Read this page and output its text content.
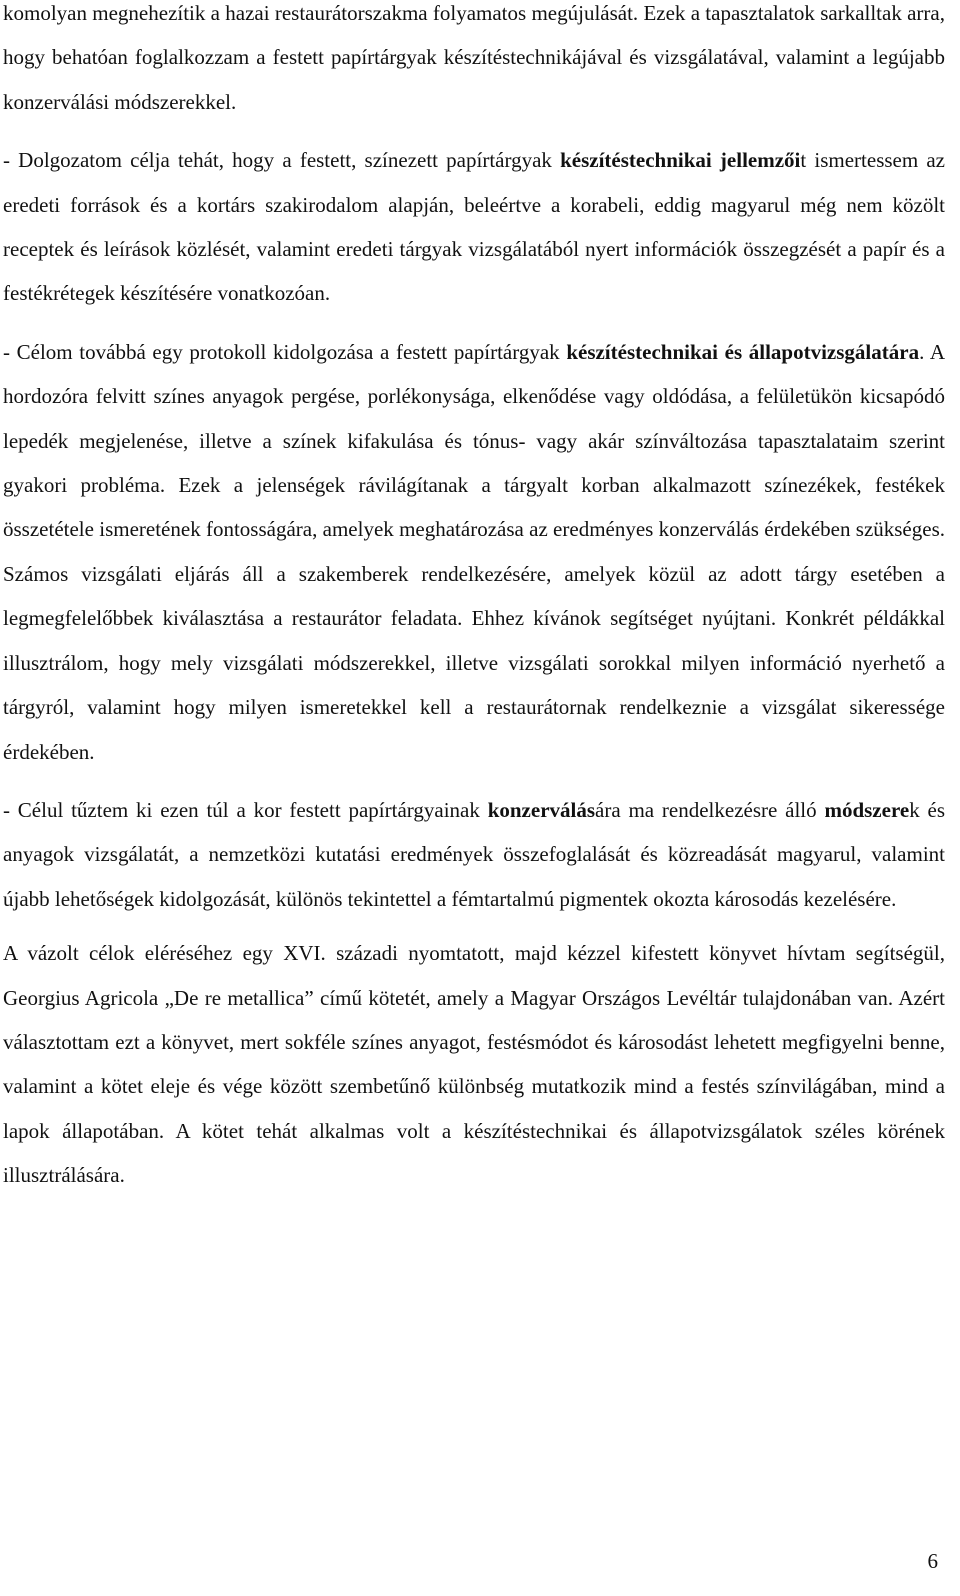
komolyan megnehezítik a hazai restaurátorszakma folyamatos megújulását. Ezek a tapasztalatok sarkalltak arra, hogy behatóan foglalkozzam a festett papírtárgyak készítéstechnikájával és vizsgálatával, valamint a legújabb konzerválási módszerekkel.

- Dolgozatom célja tehát, hogy a festett, színezett papírtárgyak készítéstechnikai jellemzőit ismertessem az eredeti források és a kortárs szakirodalom alapján, beleértve a korabeli, eddig magyarul még nem közölt receptek és leírások közlését, valamint eredeti tárgyak vizsgálatából nyert információk összegzését a papír és a festékrétegek készítésére vonatkozóan.

- Célom továbbá egy protokoll kidolgozása a festett papírtárgyak készítéstechnikai és állapotvizsgálatára. A hordozóra felvitt színes anyagok pergése, porlékonysága, elkenődése vagy oldódása, a felületükön kicsapódó lepedék megjelenése, illetve a színek kifakulása és tónus- vagy akár színváltozása tapasztalataim szerint gyakori probléma. Ezek a jelenségek rávilágítanak a tárgyalt korban alkalmazott színezékek, festékek összetétele ismeretének fontosságára, amelyek meghatározása az eredményes konzerválás érdekében szükséges. Számos vizsgálati eljárás áll a szakemberek rendelkezésére, amelyek közül az adott tárgy esetében a legmegfelelőbbek kiválasztása a restaurátor feladata. Ehhez kívánok segítséget nyújtani. Konkrét példákkal illusztrálom, hogy mely vizsgálati módszerekkel, illetve vizsgálati sorokkal milyen információ nyerhető a tárgyról, valamint hogy milyen ismeretekkel kell a restaurátornak rendelkeznie a vizsgálat sikeressége érdekében.

- Célul tűztem ki ezen túl a kor festett papírtárgyainak konzerválására ma rendelkezésre álló módszerek és anyagok vizsgálatát, a nemzetközi kutatási eredmények összefoglalását és közreadását magyarul, valamint újabb lehetőségek kidolgozását, különös tekintettel a fémtartalmú pigmentek okozta károsodás kezelésére.

A vázolt célok eléréséhez egy XVI. századi nyomtatott, majd kézzel kifestett könyvet hívtam segítségül, Georgius Agricola „De re metallica” című kötetét, amely a Magyar Országos Levéltár tulajdonában van. Azért választottam ezt a könyvet, mert sokféle színes anyagot, festésmódot és károsodást lehetett megfigyelni benne, valamint a kötet eleje és vége között szembetűnő különbség mutatkozik mind a festés színvilágában, mind a lapok állapotában. A kötet tehát alkalmas volt a készítéstechnikai és állapotvizsgálatok széles körének illusztrálására.

6
